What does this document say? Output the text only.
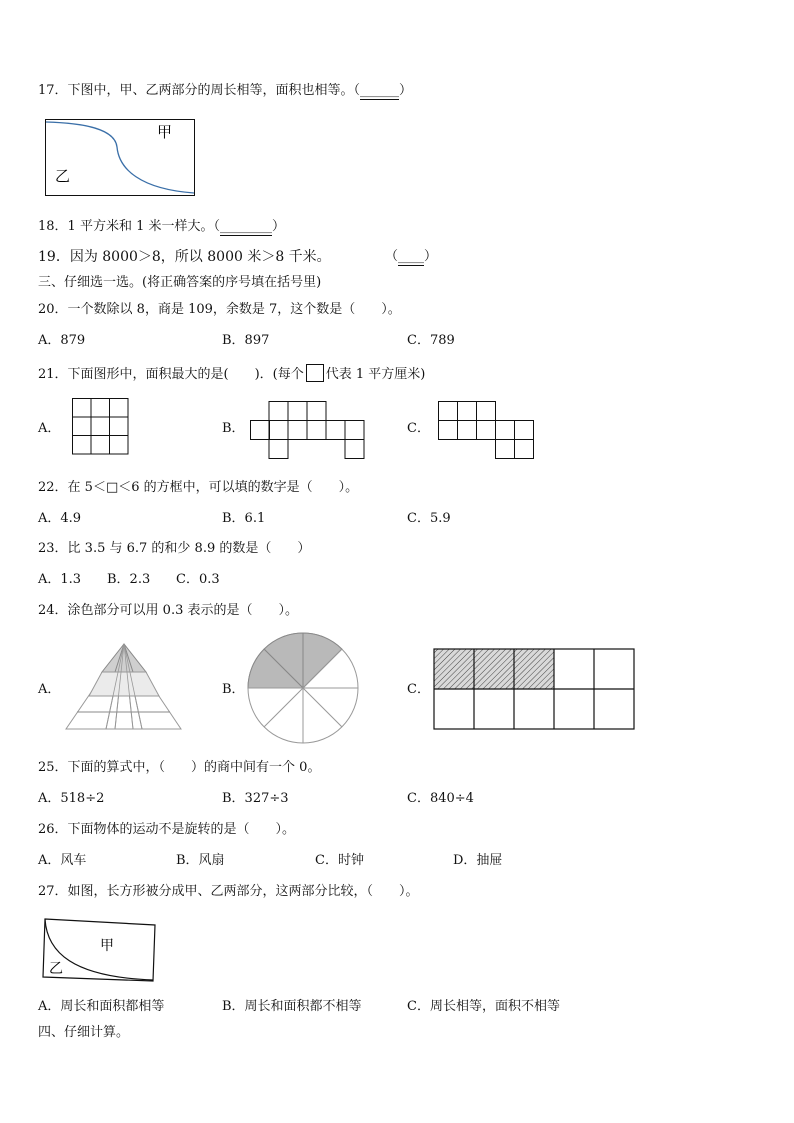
17．下图中，甲、乙两部分的周长相等，面积也相等。（______）
甲
乙
18．1 平方米和 1 米一样大。（________）
19．因为 8000＞8，所以 8000 米＞8 千米。	（____）
三、仔细选一选。(将正确答案的序号填在括号里)
20．一个数除以 8，商是 109，余数是 7，这个数是（　　）。
A．879	B．897	C．789
21．下面图形中，面积最大的是(　　)．(每个 代表 1 平方厘米)
A．	B．	C．
22．在 5＜□＜6 的方框中，可以填的数字是（　　）。
A．4.9	B．6.1	C．5.9
23．比 3.5 与 6.7 的和少 8.9 的数是（　　）
A．1.3 B．2.3 C．0.3
24．涂色部分可以用 0.3 表示的是（　　）。
A．	B．	C．
25．下面的算式中，（　　）的商中间有一个 0。
A．518÷2	B．327÷3	C．840÷4
26．下面物体的运动不是旋转的是（　　）。
A．风车	B．风扇	C．时钟	D．抽屉
27．如图，长方形被分成甲、乙两部分，这两部分比较，（　　）。
甲
乙
A．周长和面积都相等	B．周长和面积都不相等	C．周长相等，面积不相等
四、仔细计算。
